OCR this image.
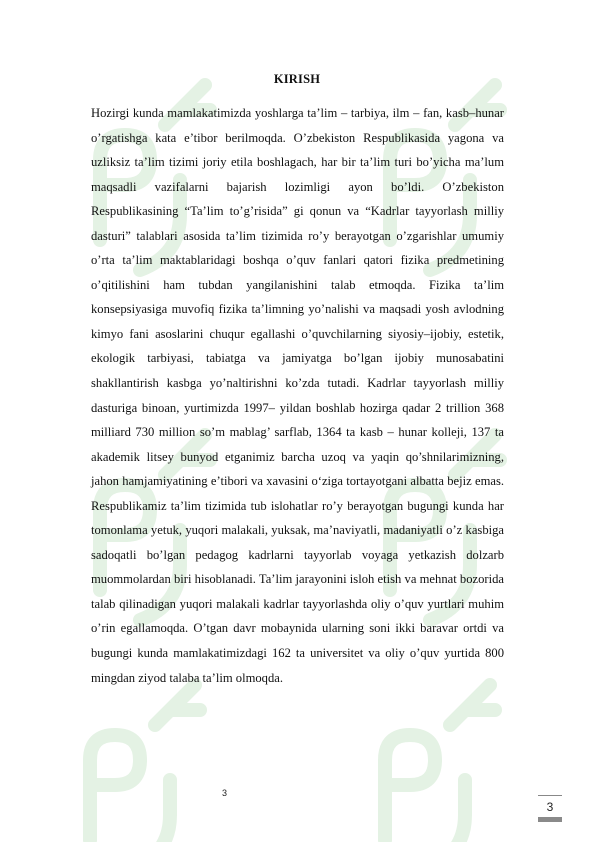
KIRISH

Hozirgi kunda mamlakatimizda yoshlarga ta’lim – tarbiya, ilm – fan, kasb–hunar o’rgatishga kata e’tibor berilmoqda. O’zbekiston Respublikasida yagona va uzliksiz ta’lim tizimi joriy etila boshlagach, har bir ta’lim turi bo’yicha ma’lum maqsadli vazifalarni bajarish lozimligi ayon bo’ldi. O’zbekiston Respublikasining “Ta’lim to’g’risida” gi qonun va “Kadrlar tayyorlash milliy dasturi” talablari asosida ta’lim tizimida ro’y berayotgan o’zgarishlar umumiy o’rta ta’lim maktablaridagi boshqa o’quv fanlari qatori fizika predmetining o’qitilishini ham tubdan yangilanishini talab etmoqda. Fizika ta’lim konsepsiyasiga muvofiq fizika ta’limning yo’nalishi va maqsadi yosh avlodning kimyo fani asoslarini chuqur egallashi o’quvchilarning siyosiy–ijobiy, estetik, ekologik tarbiyasi, tabiatga va jamiyatga bo’lgan ijobiy munosabatini shakllantirish kasbga yo’naltirishni ko’zda tutadi. Kadrlar tayyorlash milliy dasturiga binoan, yurtimizda 1997– yildan boshlab hozirga qadar 2 trillion 368 milliard 730 million so’m mablag’ sarflab, 1364 ta kasb – hunar kolleji, 137 ta akademik litsey bunyod etganimiz barcha uzoq va yaqin qo’shnilarimizning, jahon hamjamiyatining e’tibori va xavasini o‘ziga tortayotgani albatta bejiz emas. Respublikamiz ta’lim tizimida tub islohatlar ro’y berayotgan bugungi kunda har tomonlama yetuk, yuqori malakali, yuksak, ma’naviyatli, madaniyatli o’z kasbiga sadoqatli bo’lgan pedagog kadrlarni tayyorlab voyaga yetkazish dolzarb muommolardan biri hisoblanadi. Ta’lim jarayonini isloh etish va mehnat bozorida talab qilinadigan yuqori malakali kadrlar tayyorlashda oliy o’quv yurtlari muhim o’rin egallamoqda. O’tgan davr mobaynida ularning soni ikki baravar ortdi va bugungi kunda mamlakatimizdagi 162 ta universitet va oliy o’quv yurtida 800 mingdan ziyod talaba ta’lim olmoqda.

3
3
